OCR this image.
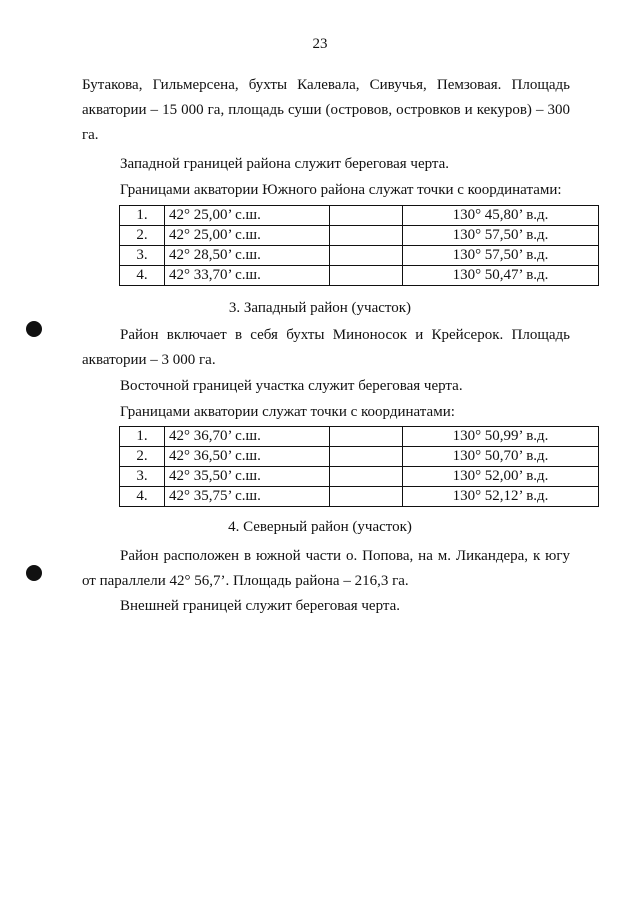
23

Бутакова, Гильмерсена, бухты Калевала, Сивучья, Пемзовая. Площадь акватории – 15 000 га, площадь суши (островов, островков и кекуров) – 300 га.

Западной границей района служит береговая черта.

Границами акватории Южного района служат точки с координатами:

1.	42° 25,00’ с.ш.		130° 45,80’ в.д.
2.	42° 25,00’ с.ш.		130° 57,50’ в.д.
3.	42° 28,50’ с.ш.		130° 57,50’ в.д.
4.	42° 33,70’ с.ш.		130° 50,47’ в.д.

3. Западный район (участок)

Район включает в себя бухты Миноносок и Крейсерок. Площадь акватории – 3 000 га.

Восточной границей участка служит береговая черта.

Границами акватории служат точки с координатами:

1.	42° 36,70’ с.ш.		130° 50,99’ в.д.
2.	42° 36,50’ с.ш.		130° 50,70’ в.д.
3.	42° 35,50’ с.ш.		130° 52,00’ в.д.
4.	42° 35,75’ с.ш.		130° 52,12’ в.д.

4. Северный район (участок)

Район расположен в южной части о. Попова, на м. Ликандера, к югу от параллели 42° 56,7’. Площадь района – 216,3 га.

Внешней границей служит береговая черта.
